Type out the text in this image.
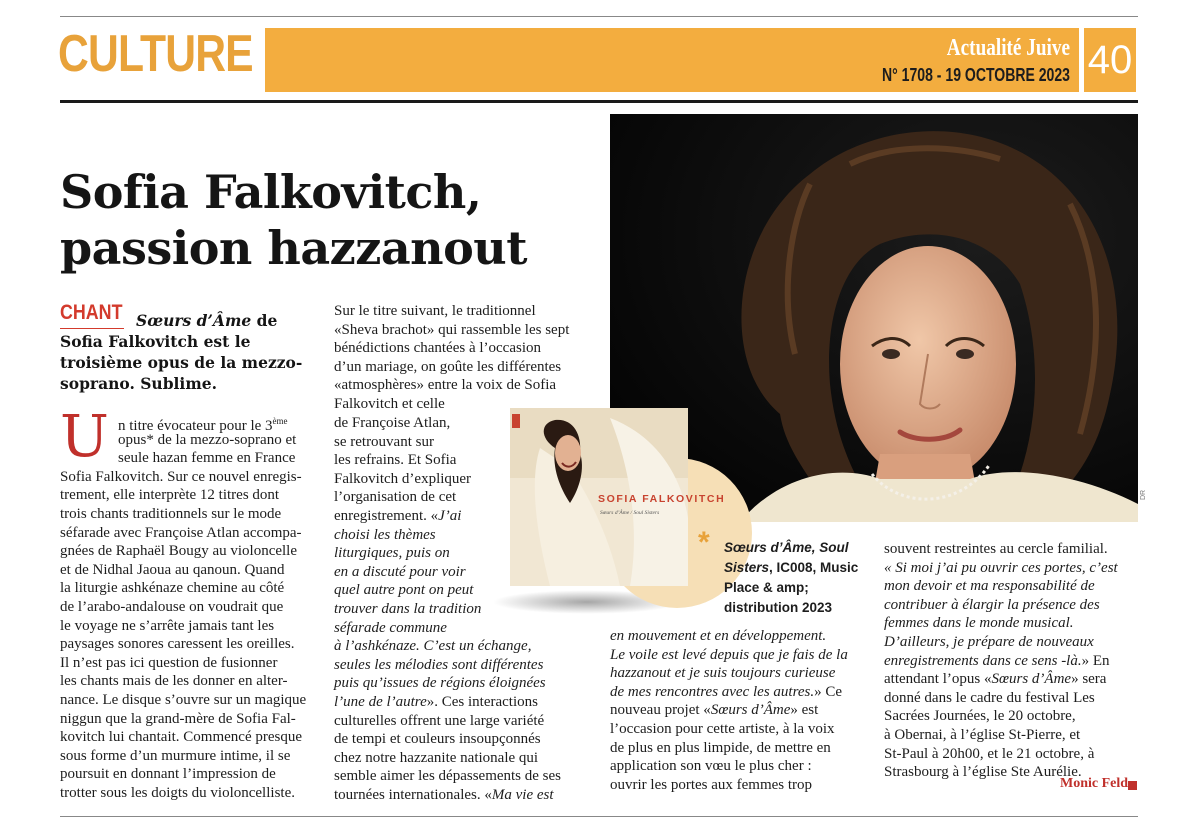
CULTURE	Actualité Juive
N° 1708 - 19 OCTOBRE 2023 40
DR
Sofia Falkovitch,
passion hazzanout
CHANT Sœurs d’Âme de Sofia Falkovitch est le troisième opus de la mezzo-soprano. Sublime.
U n titre évocateur pour le 3ème
opus* de la mezzo-soprano et
seule hazan femme en France
Sofia Falkovitch. Sur ce nouvel enregis-
trement, elle interprète 12 titres dont
trois chants traditionnels sur le mode
séfarade avec Françoise Atlan accompa-
gnées de Raphaël Bougy au violoncelle
et de Nidhal Jaoua au qanoun. Quand
la liturgie ashkénaze chemine au côté
de l’arabo-andalouse on voudrait que
le voyage ne s’arrête jamais tant les
paysages sonores caressent les oreilles.
Il n’est pas ici question de fusionner
les chants mais de les donner en alter-
nance. Le disque s’ouvre sur un magique
niggun que la grand-mère de Sofia Fal-
kovitch lui chantait. Commencé presque
sous forme d’un murmure intime, il se
poursuit en donnant l’impression de
trotter sous les doigts du violoncelliste.
Sur le titre suivant, le traditionnel
«Sheva brachot» qui rassemble les sept
bénédictions chantées à l’occasion
d’un mariage, on goûte les différentes
«atmosphères» entre la voix de Sofia
Falkovitch et celle
de Françoise Atlan,
se retrouvant sur
les refrains. Et Sofia
Falkovitch d’expliquer
l’organisation de cet
enregistrement. «J’ai
choisi les thèmes
liturgiques, puis on
en a discuté pour voir
quel autre pont on peut
trouver dans la tradition
séfarade commune
à l’ashkénaze. C’est un échange,
seules les mélodies sont différentes
puis qu’issues de régions éloignées
l’une de l’autre». Ces interactions
culturelles offrent une large variété
de tempi et couleurs insoupçonnés
chez notre hazzanite nationale qui
semble aimer les dépassements de ses
tournées internationales. «Ma vie est
SOFIA FALKOVITCH
Sœurs d’Âme / Soul Sisters
* Sœurs d’Âme, Soul Sisters, IC008, Music Place & amp; distribution 2023
en mouvement et en développement.
Le voile est levé depuis que je fais de la
hazzanout et je suis toujours curieuse
de mes rencontres avec les autres.» Ce
nouveau projet «Sœurs d’Âme» est
l’occasion pour cette artiste, à la voix
de plus en plus limpide, de mettre en
application son vœu le plus cher :
ouvrir les portes aux femmes trop
souvent restreintes au cercle familial.
« Si moi j’ai pu ouvrir ces portes, c’est
mon devoir et ma responsabilité de
contribuer à élargir la présence des
femmes dans le monde musical.
D’ailleurs, je prépare de nouveaux
enregistrements dans ce sens -là.» En
attendant l’opus «Sœurs d’Âme» sera
donné dans le cadre du festival Les
Sacrées Journées, le 20 octobre,
à Obernai, à l’église St-Pierre, et
St-Paul à 20h00, et le 21 octobre, à
Strasbourg à l’église Ste Aurélie.
Monic Feld
